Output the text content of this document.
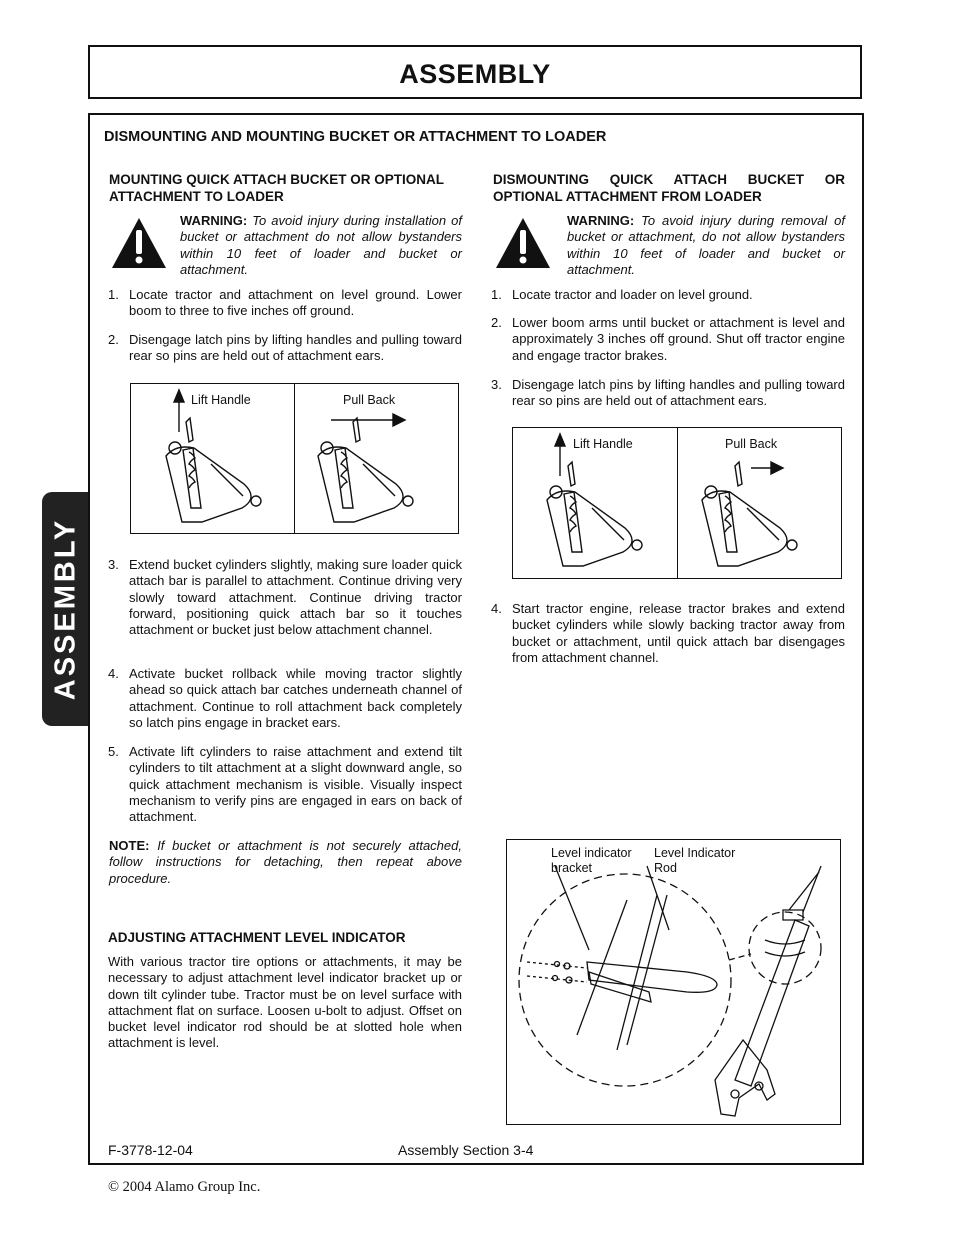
ASSEMBLY
ASSEMBLY
DISMOUNTING AND MOUNTING BUCKET OR ATTACHMENT TO LOADER
MOUNTING QUICK ATTACH BUCKET OR OPTIONAL ATTACHMENT TO LOADER
WARNING: To avoid injury during installation of bucket or attachment do not allow bystanders within 10 feet of loader and bucket or attachment.
1. Locate tractor and attachment on level ground. Lower boom to three to five inches off ground.
2. Disengage latch pins by lifting handles and pulling toward rear so pins are held out of attachment ears.
Lift Handle	Pull Back
3. Extend bucket cylinders slightly, making sure loader quick attach bar is parallel to attachment. Continue driving very slowly toward attachment. Continue driving tractor forward, positioning quick attach bar so it touches attachment or bucket just below attachment channel.
4. Activate bucket rollback while moving tractor slightly ahead so quick attach bar catches underneath channel of attachment. Continue to roll attachment back completely so latch pins engage in bracket ears.
5. Activate lift cylinders to raise attachment and extend tilt cylinders to tilt attachment at a slight downward angle, so quick attachment mechanism is visible. Visually inspect mechanism to verify pins are engaged in ears on back of attachment.
NOTE: If bucket or attachment is not securely attached, follow instructions for detaching, then repeat above procedure.
ADJUSTING ATTACHMENT LEVEL INDICATOR
With various tractor tire options or attachments, it may be necessary to adjust attachment level indicator bracket up or down tilt cylinder tube. Tractor must be on level surface with attachment flat on surface. Loosen u-bolt to adjust. Offset on bucket level indicator rod should be at slotted hole when attachment is level.
DISMOUNTING QUICK ATTACH BUCKET OR OPTIONAL ATTACHMENT FROM LOADER
WARNING: To avoid injury during removal of bucket or attachment, do not allow bystanders within 10 feet of loader and bucket or attachment.
1. Locate tractor and loader on level ground.
2. Lower boom arms until bucket or attachment is level and approximately 3 inches off ground. Shut off tractor engine and engage tractor brakes.
3. Disengage latch pins by lifting handles and pulling toward rear so pins are held out of attachment ears.
Lift Handle	Pull Back
4. Start tractor engine, release tractor brakes and extend bucket cylinders while slowly backing tractor away from bucket or attachment, until quick attach bar disengages from attachment channel.
Level indicator
bracket
Level Indicator
Rod
F-3778-12-04	Assembly Section 3-4
© 2004 Alamo Group Inc.
